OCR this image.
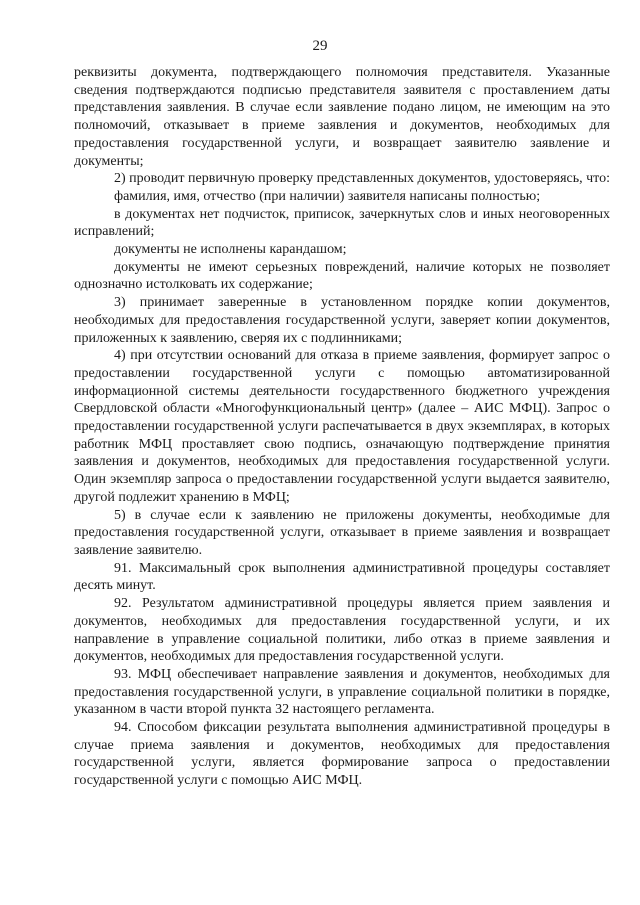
29

реквизиты документа, подтверждающего полномочия представителя. Указанные сведения подтверждаются подписью представителя заявителя с проставлением даты представления заявления. В случае если заявление подано лицом, не имеющим на это полномочий, отказывает в приеме заявления и документов, необходимых для предоставления государственной услуги, и возвращает заявителю заявление и документы;

2) проводит первичную проверку представленных документов, удостоверяясь, что:

фамилия, имя, отчество (при наличии) заявителя написаны полностью;

в документах нет подчисток, приписок, зачеркнутых слов и иных неоговоренных исправлений;

документы не исполнены карандашом;

документы не имеют серьезных повреждений, наличие которых не позволяет однозначно истолковать их содержание;

3) принимает заверенные в установленном порядке копии документов, необходимых для предоставления государственной услуги, заверяет копии документов, приложенных к заявлению, сверяя их с подлинниками;

4) при отсутствии оснований для отказа в приеме заявления, формирует запрос о предоставлении государственной услуги с помощью автоматизированной информационной системы деятельности государственного бюджетного учреждения Свердловской области «Многофункциональный центр» (далее – АИС МФЦ). Запрос о предоставлении государственной услуги распечатывается в двух экземплярах, в которых работник МФЦ проставляет свою подпись, означающую подтверждение принятия заявления и документов, необходимых для предоставления государственной услуги. Один экземпляр запроса о предоставлении государственной услуги выдается заявителю, другой подлежит хранению в МФЦ;

5) в случае если к заявлению не приложены документы, необходимые для предоставления государственной услуги, отказывает в приеме заявления и возвращает заявление заявителю.

91. Максимальный срок выполнения административной процедуры составляет десять минут.

92. Результатом административной процедуры является прием заявления и документов, необходимых для предоставления государственной услуги, и их направление в управление социальной политики, либо отказ в приеме заявления и документов, необходимых для предоставления государственной услуги.

93. МФЦ обеспечивает направление заявления и документов, необходимых для предоставления государственной услуги, в управление социальной политики в порядке, указанном в части второй пункта 32 настоящего регламента.

94. Способом фиксации результата выполнения административной процедуры в случае приема заявления и документов, необходимых для предоставления государственной услуги, является формирование запроса о предоставлении государственной услуги с помощью АИС МФЦ.
